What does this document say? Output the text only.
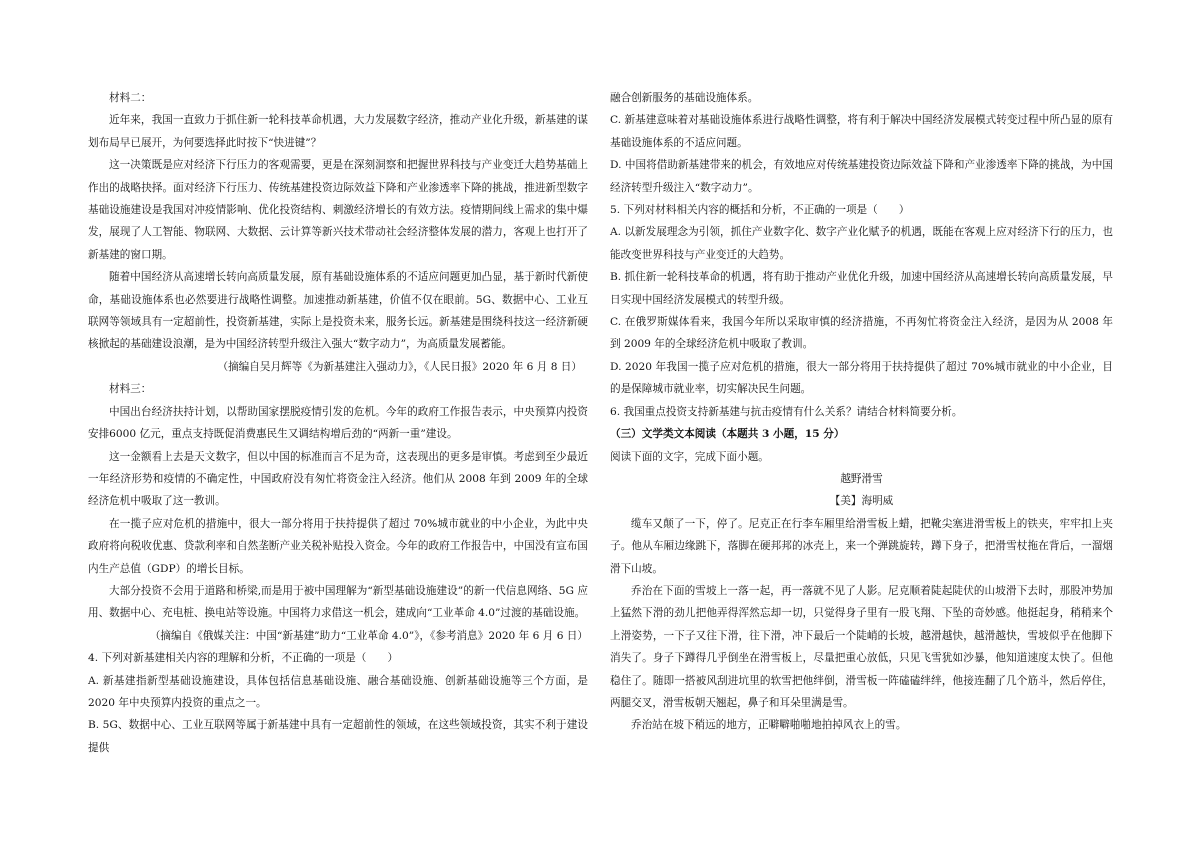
材料二：

近年来，我国一直致力于抓住新一轮科技革命机遇，大力发展数字经济，推动产业化升级，新基建的谋划布局早已展开，为何要选择此时按下“快进键”？

这一决策既是应对经济下行压力的客观需要，更是在深刻洞察和把握世界科技与产业变迁大趋势基础上作出的战略抉择。面对经济下行压力、传统基建投资边际效益下降和产业渗透率下降的挑战，推进新型数字基础设施建设是我国对冲疫情影响、优化投资结构、刺激经济增长的有效方法。疫情期间线上需求的集中爆发，展现了人工智能、物联网、大数据、云计算等新兴技术带动社会经济整体发展的潜力，客观上也打开了新基建的窗口期。

随着中国经济从高速增长转向高质量发展，原有基础设施体系的不适应问题更加凸显，基于新时代新使命，基础设施体系也必然要进行战略性调整。加速推动新基建，价值不仅在眼前。5G、数据中心、工业互联网等领域具有一定超前性，投资新基建，实际上是投资未来，服务长远。新基建是围绕科技这一经济新硬核掀起的基础建设浪潮，是为中国经济转型升级注入强大“数字动力”，为高质量发展蓄能。

（摘编自吴月辉等《为新基建注入强动力》，《人民日报》2020 年 6 月 8 日）

材料三：

中国出台经济扶持计划，以帮助国家摆脱疫情引发的危机。今年的政府工作报告表示，中央预算内投资安排6000 亿元，重点支持既促消费惠民生又调结构增后劲的“两新一重”建设。

这一金额看上去是天文数字，但以中国的标准而言不足为奇，这表现出的更多是审慎。考虑到至少最近一年经济形势和疫情的不确定性，中国政府没有匆忙将资金注入经济。他们从 2008 年到 2009 年的全球经济危机中吸取了这一教训。

在一揽子应对危机的措施中，很大一部分将用于扶持提供了超过 70%城市就业的中小企业，为此中央政府将向税收优惠、贷款利率和自然垄断产业关税补贴投入资金。今年的政府工作报告中，中国没有宣布国内生产总值（GDP）的增长目标。

大部分投资不会用于道路和桥梁,而是用于被中国理解为“新型基础设施建设”的新一代信息网络、5G 应用、数据中心、充电桩、换电站等设施。中国将力求借这一机会，建成向“工业革命 4.0”过渡的基础设施。

（摘编自《俄媒关注：中国“新基建”助力“工业革命 4.0”》，《参考消息》2020 年 6 月 6 日）

4. 下列对新基建相关内容的理解和分析，不正确的一项是（　　）

A. 新基建指新型基础设施建设，具体包括信息基础设施、融合基础设施、创新基础设施等三个方面，是 2020 年中央预算内投资的重点之一。

B. 5G、数据中心、工业互联网等属于新基建中具有一定超前性的领域，在这些领域投资，其实不利于建设提供

融合创新服务的基础设施体系。

C. 新基建意味着对基础设施体系进行战略性调整，将有利于解决中国经济发展模式转变过程中所凸显的原有基础设施体系的不适应问题。

D. 中国将借助新基建带来的机会，有效地应对传统基建投资边际效益下降和产业渗透率下降的挑战，为中国经济转型升级注入“数字动力”。

5. 下列对材料相关内容的概括和分析，不正确的一项是（　　）

A. 以新发展理念为引领，抓住产业数字化、数字产业化赋予的机遇，既能在客观上应对经济下行的压力，也能改变世界科技与产业变迁的大趋势。

B. 抓住新一轮科技革命的机遇，将有助于推动产业优化升级，加速中国经济从高速增长转向高质量发展，早日实现中国经济发展模式的转型升级。

C. 在俄罗斯媒体看来，我国今年所以采取审慎的经济措施，不再匆忙将资金注入经济，是因为从 2008 年到 2009 年的全球经济危机中吸取了教训。

D. 2020 年我国一揽子应对危机的措施，很大一部分将用于扶持提供了超过 70%城市就业的中小企业，目的是保障城市就业率，切实解决民生问题。

6. 我国重点投资支持新基建与抗击疫情有什么关系？请结合材料简要分析。

（三）文学类文本阅读（本题共 3 小题，15 分）

阅读下面的文字，完成下面小题。

越野滑雪

【美】海明威

缆车又颠了一下，停了。尼克正在行李车厢里给滑雪板上蜡，把靴尖塞进滑雪板上的铁夹，牢牢扣上夹子。他从车厢边缘跳下，落脚在硬邦邦的冰壳上，来一个弹跳旋转，蹲下身子，把滑雪杖拖在背后，一溜烟滑下山坡。

乔治在下面的雪坡上一落一起，再一落就不见了人影。尼克顺着陡起陡伏的山坡滑下去时，那股冲势加上猛然下滑的劲儿把他弄得浑然忘却一切，只觉得身子里有一股飞翔、下坠的奇妙感。他挺起身，稍稍来个上滑姿势，一下子又往下滑，往下滑，冲下最后一个陡峭的长坡，越滑越快，越滑越快，雪坡似乎在他脚下消失了。身子下蹲得几乎倒坐在滑雪板上，尽量把重心放低，只见飞雪犹如沙暴，他知道速度太快了。但他稳住了。随即一搭被风刮进坑里的软雪把他绊倒，滑雪板一阵磕磕绊绊，他接连翻了几个筋斗，然后停住，两腿交叉，滑雪板朝天翘起，鼻子和耳朵里满是雪。

乔治站在坡下稍远的地方，正噼噼啪啪地拍掉风衣上的雪。
